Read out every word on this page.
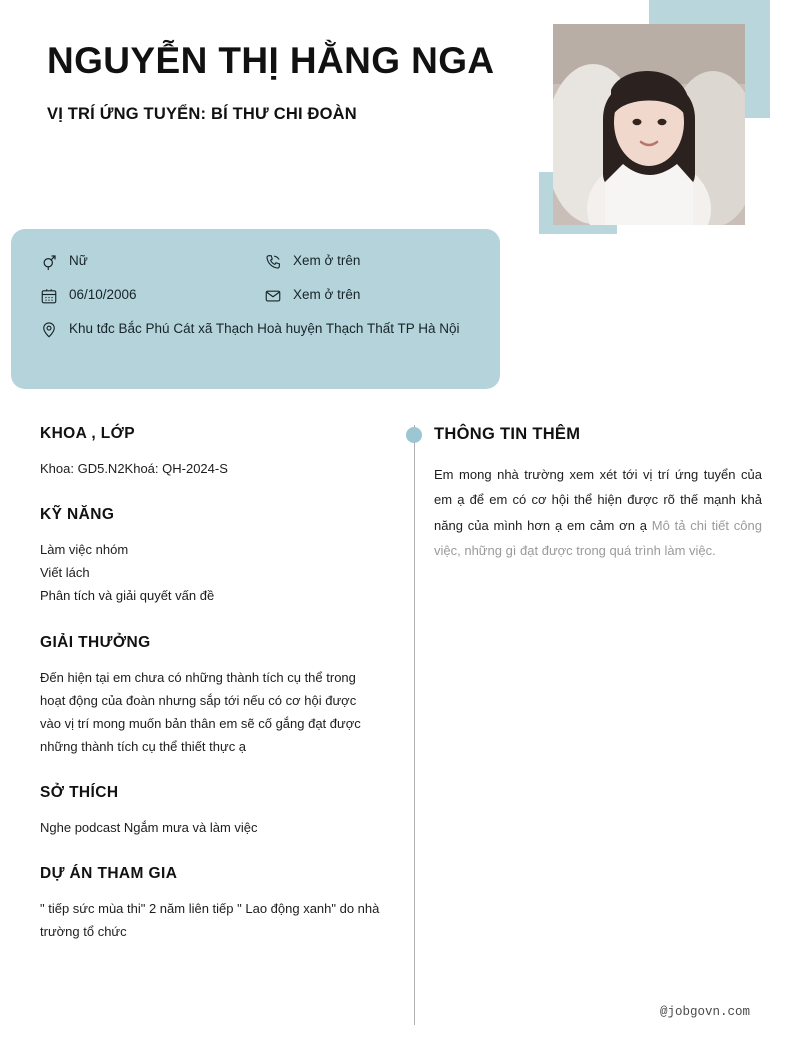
NGUYỄN THỊ HẰNG NGA
VỊ TRÍ ỨNG TUYỂN: BÍ THƯ CHI ĐOÀN
Nữ
06/10/2006
Khu tđc Bắc Phú Cát xã Thạch Hoà huyện Thạch Thất TP Hà Nội
Xem ở trên
Xem ở trên
KHOA , LỚP
Khoa: GD5.N2Khoá: QH-2024-S
KỸ NĂNG
Làm việc nhóm
Viết lách
Phân tích và giải quyết vấn đề
GIẢI THƯỞNG
Đến hiện tại em chưa có những thành tích cụ thể trong hoạt động của đoàn nhưng sắp tới nếu có cơ hội được vào vị trí mong muốn bản thân em sẽ cố gắng đạt được những thành tích cụ thể thiết thực ạ
SỞ THÍCH
Nghe podcast Ngắm mưa và làm việc
DỰ ÁN THAM GIA
" tiếp sức mùa thi" 2 năm liên tiếp " Lao động xanh" do nhà trường tổ chức
THÔNG TIN THÊM
Em mong nhà trường xem xét tới vị trí ứng tuyển của em ạ để em có cơ hội thể hiện được rõ thế mạnh khả năng của mình hơn ạ em cảm ơn ạ Mô tả chi tiết công việc, những gì đạt được trong quá trình làm việc.
@jobgovn.com
